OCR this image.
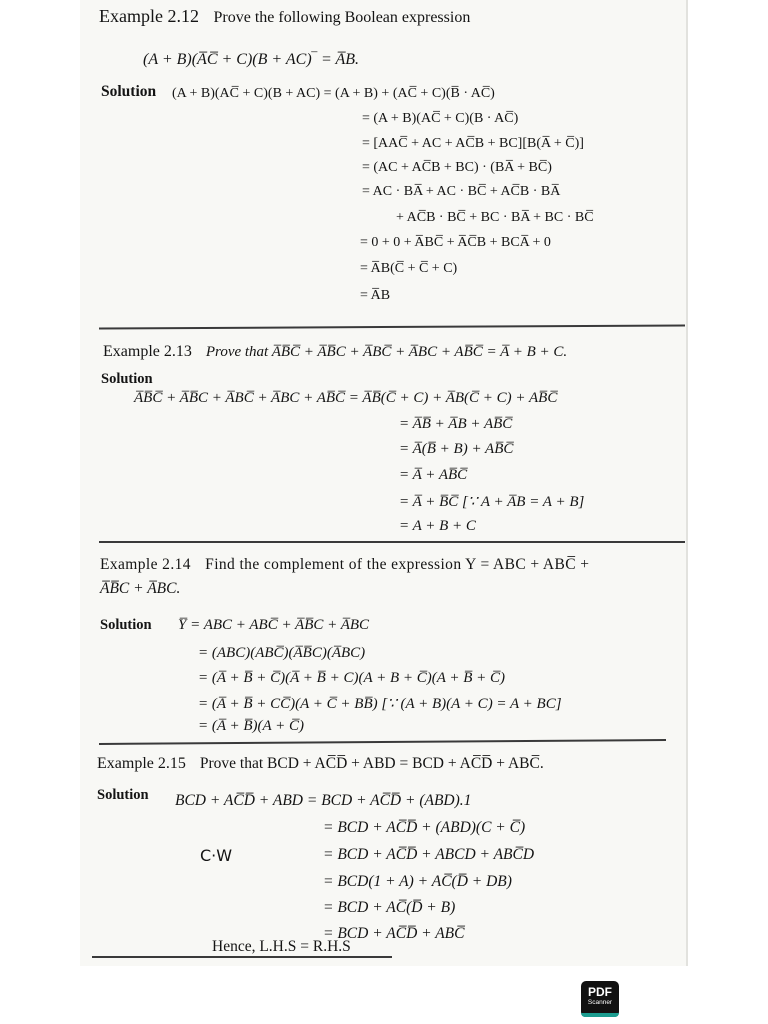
Example 2.12 Prove the following Boolean expression
(A + B)(A̅C̅ + C)(B + AC)‾ = A̅B.
Solution (A + B)(AC̅ + C)(B + AC) = (A + B) + (AC̅ + C)(B̅ · AC̅)
= (A + B)(AC̅ + C)(B · AC̅)
= [AAC̅ + AC + AC̅B + BC][B(A̅ + C̅)]
= (AC + AC̅B + BC) · (BA̅ + BC̅)
= AC · BA̅ + AC · BC̅ + AC̅B · BA̅
+ AC̅B · BC̅ + BC · BA̅ + BC · BC̅
= 0 + 0 + A̅BC̅ + A̅C̅B + BCA̅ + 0
= A̅B(C̅ + C̅ + C)
= A̅B
Example 2.13 Prove that A̅B̅C̅ + A̅B̅C + A̅BC̅ + A̅BC + AB̅C̅ = A̅ + B + C.
Solution
A̅B̅C̅ + A̅B̅C + A̅BC̅ + A̅BC + AB̅C̅ = A̅B̅(C̅ + C) + A̅B(C̅ + C) + AB̅C̅
= A̅B̅ + A̅B + AB̅C̅
= A̅(B̅ + B) + AB̅C̅
= A̅ + AB̅C̅
= A̅ + B̅C̅ [∵ A + A̅B = A + B]
= A + B + C
Example 2.14 Find the complement of the expression Y = ABC + ABC̅ +
A̅B̅C + A̅BC.
Solution Y̅ = ABC + ABC̅ + A̅B̅C + A̅BC
= (ABC)(ABC̅)(A̅B̅C)(A̅BC)
= (A̅ + B̅ + C̅)(A̅ + B̅ + C)(A + B + C̅)(A + B̅ + C̅)
= (A̅ + B̅ + CC̅)(A + C̅ + BB̅) [∵ (A + B)(A + C) = A + BC]
= (A̅ + B̅)(A + C̅)
Example 2.15 Prove that BCD + AC̅D̅ + ABD = BCD + AC̅D̅ + ABC̅.
Solution BCD + AC̅D̅ + ABD = BCD + AC̅D̅ + (ABD).1
= BCD + AC̅D̅ + (ABD)(C + C̅)
= BCD + AC̅D̅ + ABCD + ABC̅D
= BCD(1 + A) + AC̅(D̅ + DB)
= BCD + AC̅(D̅ + B)
= BCD + AC̅D̅ + ABC̅
C·W
Hence, L.H.S = R.H.S
PDF
Scanner
